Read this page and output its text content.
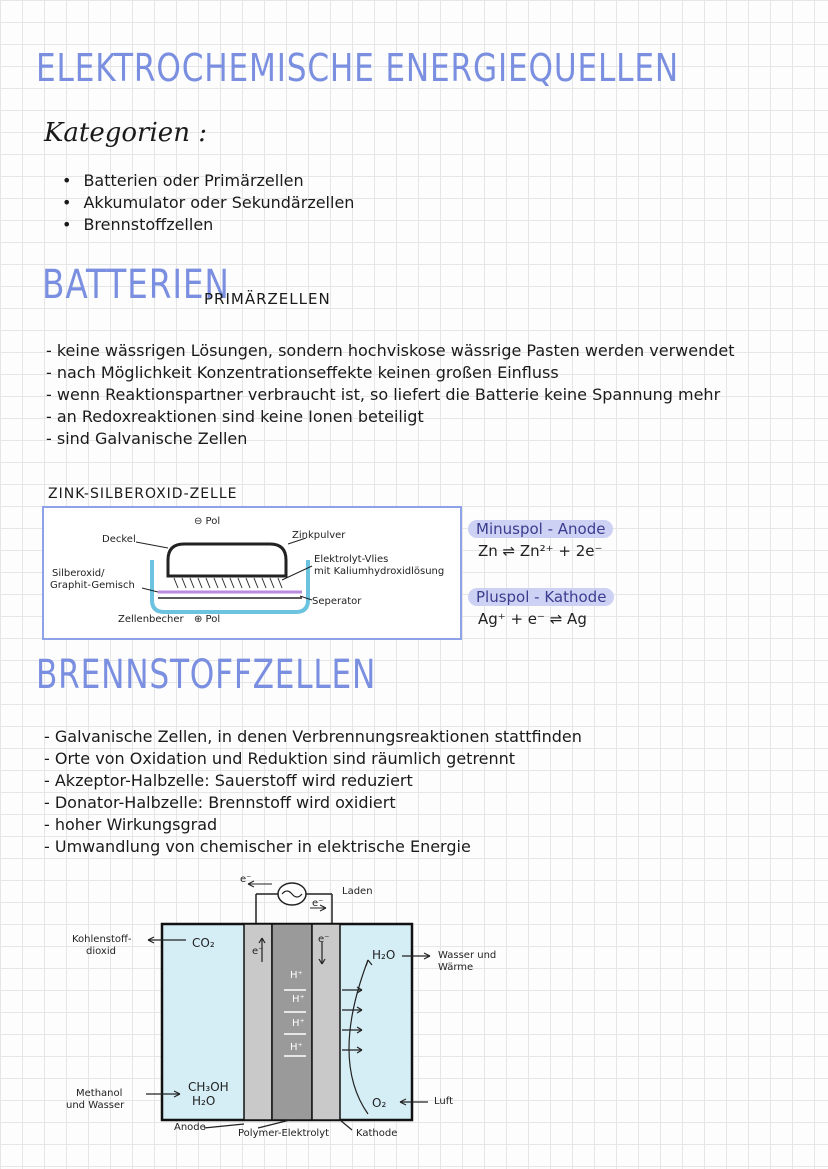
ELEKTROCHEMISCHE ENERGIEQUELLEN
Kategorien :
• Batterien oder Primärzellen
• Akkumulator oder Sekundärzellen
• Brennstoffzellen
BATTERIEN
PRIMÄRZELLEN
- keine wässrigen Lösungen, sondern hochviskose wässrige Pasten werden verwendet
- nach Möglichkeit Konzentrationseffekte keinen großen Einfluss
- wenn Reaktionspartner verbraucht ist, so liefert die Batterie keine Spannung mehr
- an Redoxreaktionen sind keine Ionen beteiligt
- sind Galvanische Zellen
ZINK-SILBEROXID-ZELLE
⊖ Pol
Deckel	Zinkpulver
Elektrolyt-Vlies
mit Kaliumhydroxidlösung
Silberoxid/
Graphit-Gemisch
Seperator
Zellenbecher ⊕ Pol
Minuspol - Anode
Zn ⇌ Zn²⁺ + 2e⁻
Pluspol - Kathode
Ag⁺ + e⁻ ⇌ Ag
BRENNSTOFFZELLEN
- Galvanische Zellen, in denen Verbrennungsreaktionen stattfinden
- Orte von Oxidation und Reduktion sind räumlich getrennt
- Akzeptor-Halbzelle: Sauerstoff wird reduziert
- Donator-Halbzelle: Brennstoff wird oxidiert
- hoher Wirkungsgrad
- Umwandlung von chemischer in elektrische Energie
e⁻
Laden
e⁻
Kohlenstoff-
dioxid
CO₂
e⁻
e⁻
H₂O	Wasser und
Wärme
H⁺
H⁺
H⁺
H⁺
Methanol
und Wasser
CH₃OH
H₂O	O₂	Luft
Anode
Polymer-Elektrolyt	Kathode
